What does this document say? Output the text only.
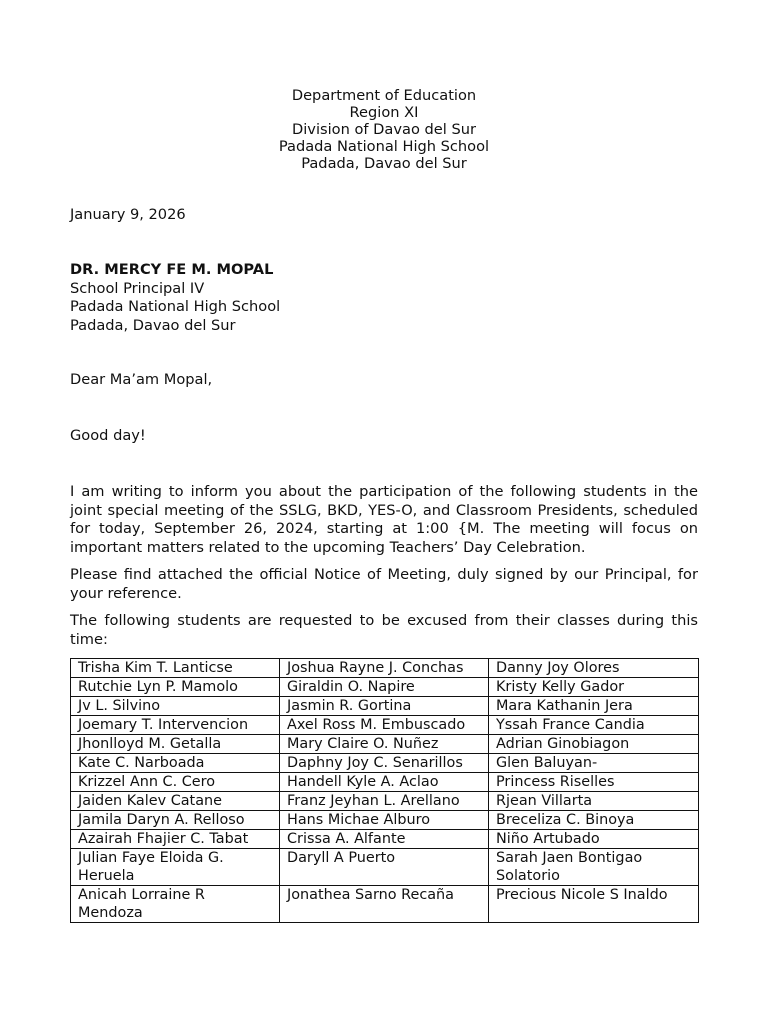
Department of Education
Region XI
Division of Davao del Sur
Padada National High School
Padada, Davao del Sur
January 9, 2026
DR. MERCY FE M. MOPAL
School Principal IV
Padada National High School
Padada, Davao del Sur
Dear Ma’am Mopal,
Good day!
I am writing to inform you about the participation of the following students in the joint special meeting of the SSLG, BKD, YES-O, and Classroom Presidents, scheduled for today, September 26, 2024, starting at 1:00 {M. The meeting will focus on important matters related to the upcoming Teachers’ Day Celebration.
Please find attached the official Notice of Meeting, duly signed by our Principal, for your reference.
The following students are requested to be excused from their classes during this time:
Trisha Kim T. Lanticse	Joshua Rayne J. Conchas	Danny Joy Olores
Rutchie Lyn P. Mamolo	Giraldin O. Napire	Kristy Kelly Gador
Jv L. Silvino	Jasmin R. Gortina	Mara Kathanin Jera
Joemary T. Intervencion	Axel Ross M. Embuscado	Yssah France Candia
Jhonlloyd M. Getalla	Mary Claire O. Nuñez	Adrian Ginobiagon
Kate C. Narboada	Daphny Joy C. Senarillos	Glen Baluyan-
Krizzel Ann C. Cero	Handell Kyle A. Aclao	Princess Riselles
Jaiden Kalev Catane	Franz Jeyhan L. Arellano	Rjean Villarta
Jamila Daryn A. Relloso	Hans Michae Alburo	Breceliza C. Binoya
Azairah Fhajier C. Tabat	Crissa A. Alfante	Niño Artubado
Julian Faye Eloida G. Heruela	Daryll A Puerto	Sarah Jaen Bontigao Solatorio
Anicah Lorraine R Mendoza	Jonathea Sarno Recaña	Precious Nicole S Inaldo
